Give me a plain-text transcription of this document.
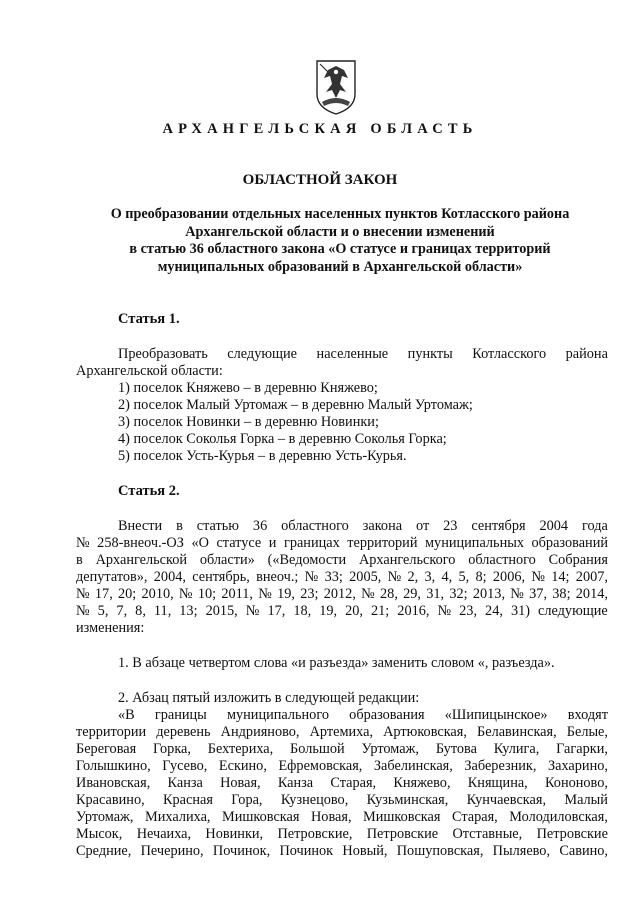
АРХАНГЕЛЬСКАЯ ОБЛАСТЬ
ОБЛАСТНОЙ ЗАКОН
О преобразовании отдельных населенных пунктов Котласского района
Архангельской области и о внесении изменений
в статью 36 областного закона «О статусе и границах территорий
муниципальных образований в Архангельской области»
Статья 1.
Преобразовать следующие населенные пункты Котласского района
Архангельской области:
1) поселок Княжево – в деревню Княжево;
2) поселок Малый Уртомаж – в деревню Малый Уртомаж;
3) поселок Новинки – в деревню Новинки;
4) поселок Соколья Горка – в деревню Соколья Горка;
5) поселок Усть-Курья – в деревню Усть-Курья.
Статья 2.
Внести в статью 36 областного закона от 23 сентября 2004 года
№ 258-внеоч.-ОЗ «О статусе и границах территорий муниципальных образований
в Архангельской области» («Ведомости Архангельского областного Собрания
депутатов», 2004, сентябрь, внеоч.; № 33; 2005, № 2, 3, 4, 5, 8; 2006, № 14; 2007,
№ 17, 20; 2010, № 10; 2011, № 19, 23; 2012, № 28, 29, 31, 32; 2013, № 37, 38; 2014,
№ 5, 7, 8, 11, 13; 2015, № 17, 18, 19, 20, 21; 2016, № 23, 24, 31) следующие
изменения:
1. В абзаце четвертом слова «и разъезда» заменить словом «, разъезда».
2. Абзац пятый изложить в следующей редакции:
«В границы муниципального образования «Шипицынское» входят
территории деревень Андрияново, Артемиха, Артюковская, Белавинская, Белые,
Береговая Горка, Бехтериха, Большой Уртомаж, Бутова Кулига, Гагарки,
Голышкино, Гусево, Ескино, Ефремовская, Забелинская, Заберезник, Захарино,
Ивановская, Канза Новая, Канза Старая, Княжево, Княщина, Кононово,
Красавино, Красная Гора, Кузнецово, Кузьминская, Кунчаевская, Малый
Уртомаж, Михалиха, Мишковская Новая, Мишковская Старая, Молодиловская,
Мысок, Нечаиха, Новинки, Петровские, Петровские Отставные, Петровские
Средние, Печерино, Починок, Починок Новый, Пошуповская, Пыляево, Савино,
